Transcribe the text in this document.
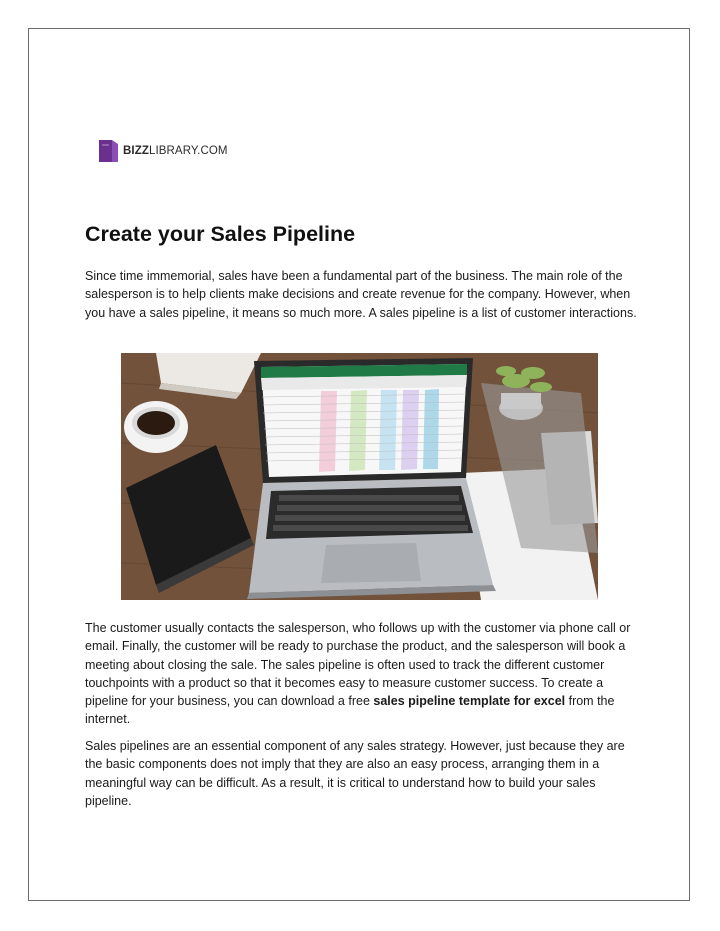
BIZZLIBRARY.COM
Create your Sales Pipeline

Since time immemorial, sales have been a fundamental part of the business. The main role of the salesperson is to help clients make decisions and create revenue for the company. However, when you have a sales pipeline, it means so much more. A sales pipeline is a list of customer interactions.

The customer usually contacts the salesperson, who follows up with the customer via phone call or email. Finally, the customer will be ready to purchase the product, and the salesperson will book a meeting about closing the sale. The sales pipeline is often used to track the different customer touchpoints with a product so that it becomes easy to measure customer success. To create a pipeline for your business, you can download a free sales pipeline template for excel from the internet.

Sales pipelines are an essential component of any sales strategy. However, just because they are the basic components does not imply that they are also an easy process, arranging them in a meaningful way can be difficult. As a result, it is critical to understand how to build your sales pipeline.
